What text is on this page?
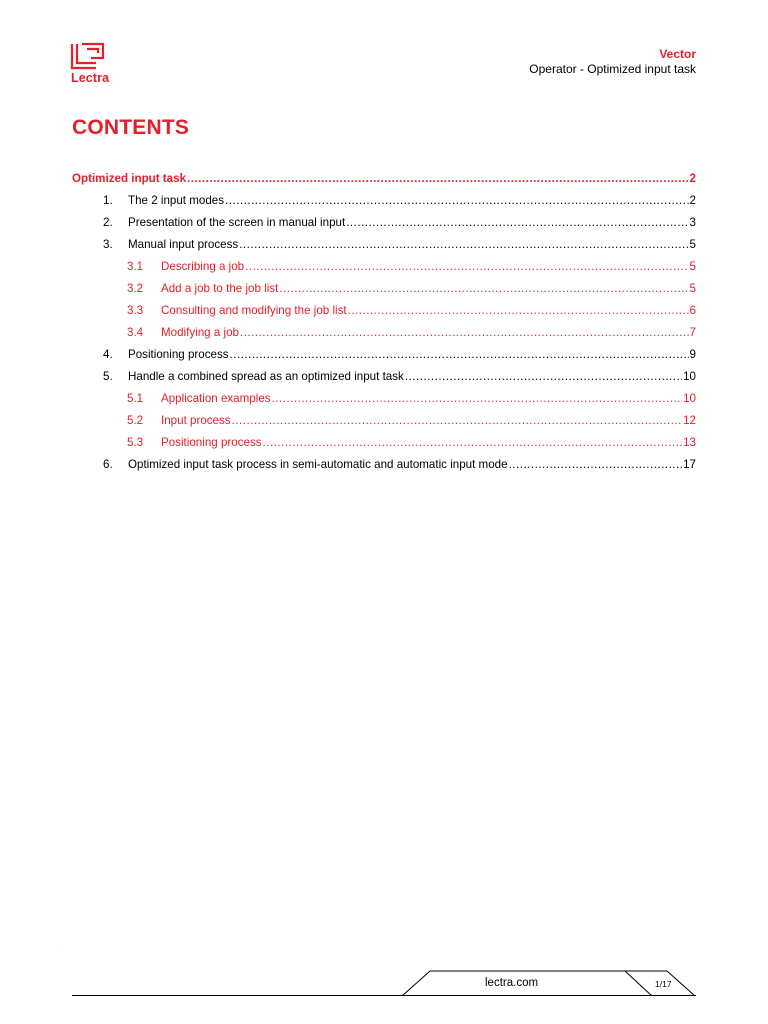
Lectra
Vector
Operator - Optimized input task
CONTENTS
Optimized input task .....	2
1.	The 2 input modes .....	2
2.	Presentation of the screen in manual input .....	3
3.	Manual input process .....	5
3.1	Describing a job .....	5
3.2	Add a job to the job list .....	5
3.3	Consulting and modifying the job list .....	6
3.4	Modifying a job .....	7
4.	Positioning process .....	9
5.	Handle a combined spread as an optimized input task .....	10
5.1	Application examples .....	10
5.2	Input process .....	12
5.3	Positioning process .....	13
6.	Optimized input task process in semi-automatic and automatic input mode .....	17
lectra.com	1/17
.
